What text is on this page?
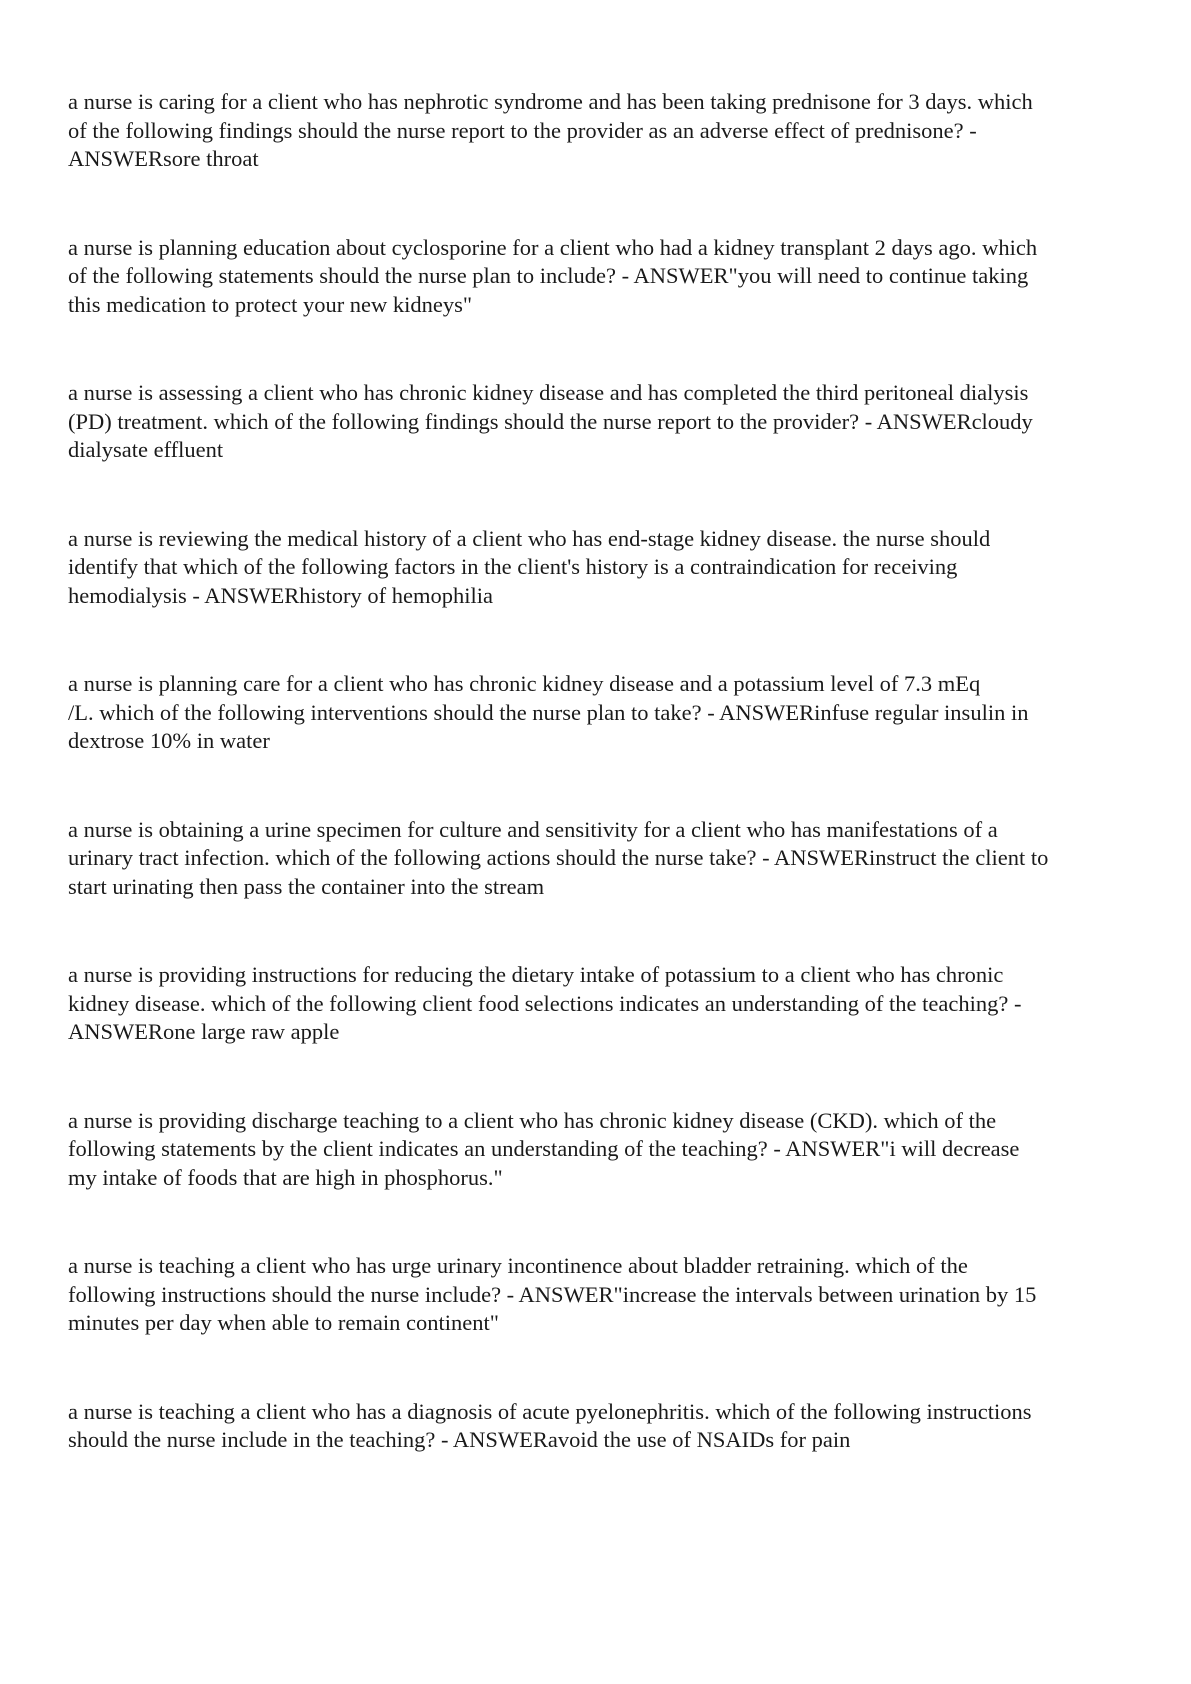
a nurse is caring for a client who has nephrotic syndrome and has been taking prednisone for 3 days. which
of the following findings should the nurse report to the provider as an adverse effect of prednisone? -
ANSWERsore throat
a nurse is planning education about cyclosporine for a client who had a kidney transplant 2 days ago. which
of the following statements should the nurse plan to include? - ANSWER"you will need to continue taking
this medication to protect your new kidneys"
a nurse is assessing a client who has chronic kidney disease and has completed the third peritoneal dialysis
(PD) treatment. which of the following findings should the nurse report to the provider? - ANSWERcloudy
dialysate effluent
a nurse is reviewing the medical history of a client who has end-stage kidney disease. the nurse should
identify that which of the following factors in the client's history is a contraindication for receiving
hemodialysis - ANSWERhistory of hemophilia
a nurse is planning care for a client who has chronic kidney disease and a potassium level of 7.3 mEq
/L. which of the following interventions should the nurse plan to take? - ANSWERinfuse regular insulin in
dextrose 10% in water
a nurse is obtaining a urine specimen for culture and sensitivity for a client who has manifestations of a
urinary tract infection. which of the following actions should the nurse take? - ANSWERinstruct the client to
start urinating then pass the container into the stream
a nurse is providing instructions for reducing the dietary intake of potassium to a client who has chronic
kidney disease. which of the following client food selections indicates an understanding of the teaching? -
ANSWERone large raw apple
a nurse is providing discharge teaching to a client who has chronic kidney disease (CKD). which of the
following statements by the client indicates an understanding of the teaching? - ANSWER"i will decrease
my intake of foods that are high in phosphorus."
a nurse is teaching a client who has urge urinary incontinence about bladder retraining. which of the
following instructions should the nurse include? - ANSWER"increase the intervals between urination by 15
minutes per day when able to remain continent"
a nurse is teaching a client who has a diagnosis of acute pyelonephritis. which of the following instructions
should the nurse include in the teaching? - ANSWERavoid the use of NSAIDs for pain
